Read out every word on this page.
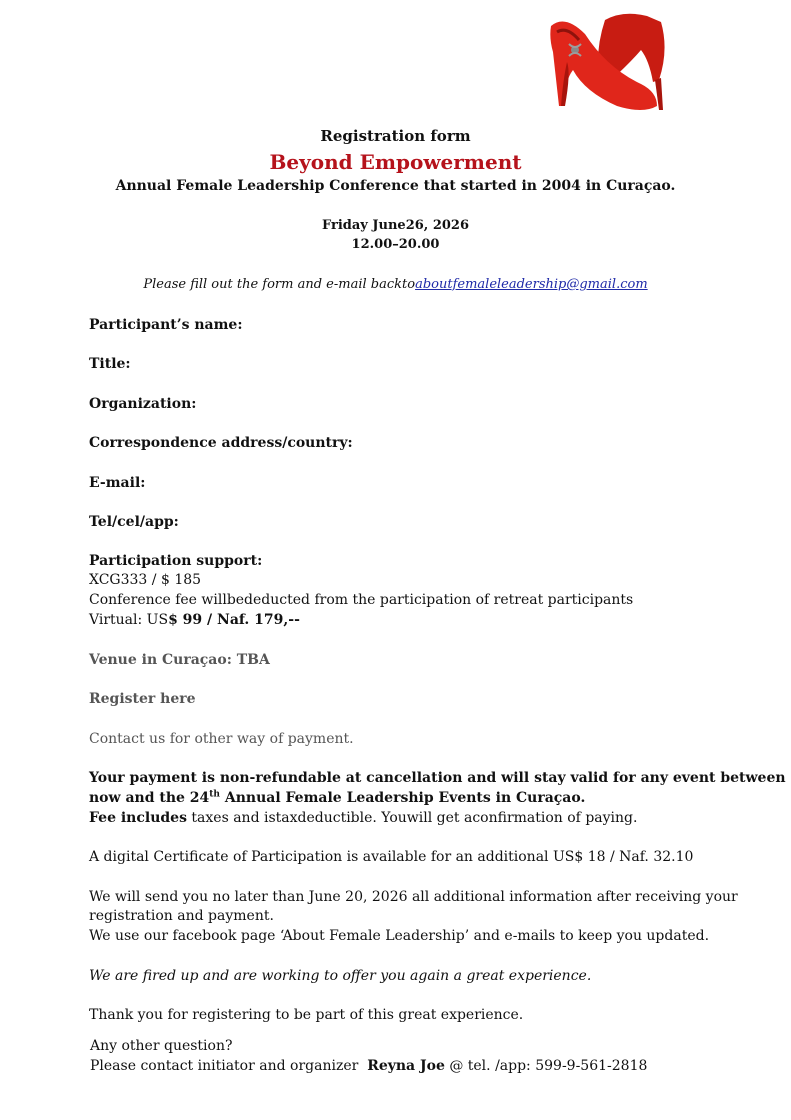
Registration form
Beyond Empowerment
Annual Female Leadership Conference that started in 2004 in Curaçao.
Friday June26, 2026
12.00–20.00
Please fill out the form and e-mail backtoaboutfemaleleadership@gmail.com
Participant’s name:
Title:
Organization:
Correspondence address/country:
E-mail:
Tel/cel/app:
Participation support:
XCG333 / $ 185
Conference fee willbededucted from the participation of retreat participants
Virtual: US$ 99 / Naf. 179,--
Venue in Curaçao: TBA
Register here
Contact us for other way of payment.
Your payment is non-refundable at cancellation and will stay valid for any event between
now and the 24th Annual Female Leadership Events in Curaçao.
Fee includes taxes and istaxdeductible. Youwill get aconfirmation of paying.
A digital Certificate of Participation is available for an additional US$ 18 / Naf. 32.10
We will send you no later than June 20, 2026 all additional information after receiving your
registration and payment.
We use our facebook page ‘About Female Leadership’ and e-mails to keep you updated.
We are fired up and are working to offer you again a great experience.
Thank you for registering to be part of this great experience.
Any other question?
Please contact initiator and organizer Reyna Joe @ tel. /app: 599-9-561-2818
